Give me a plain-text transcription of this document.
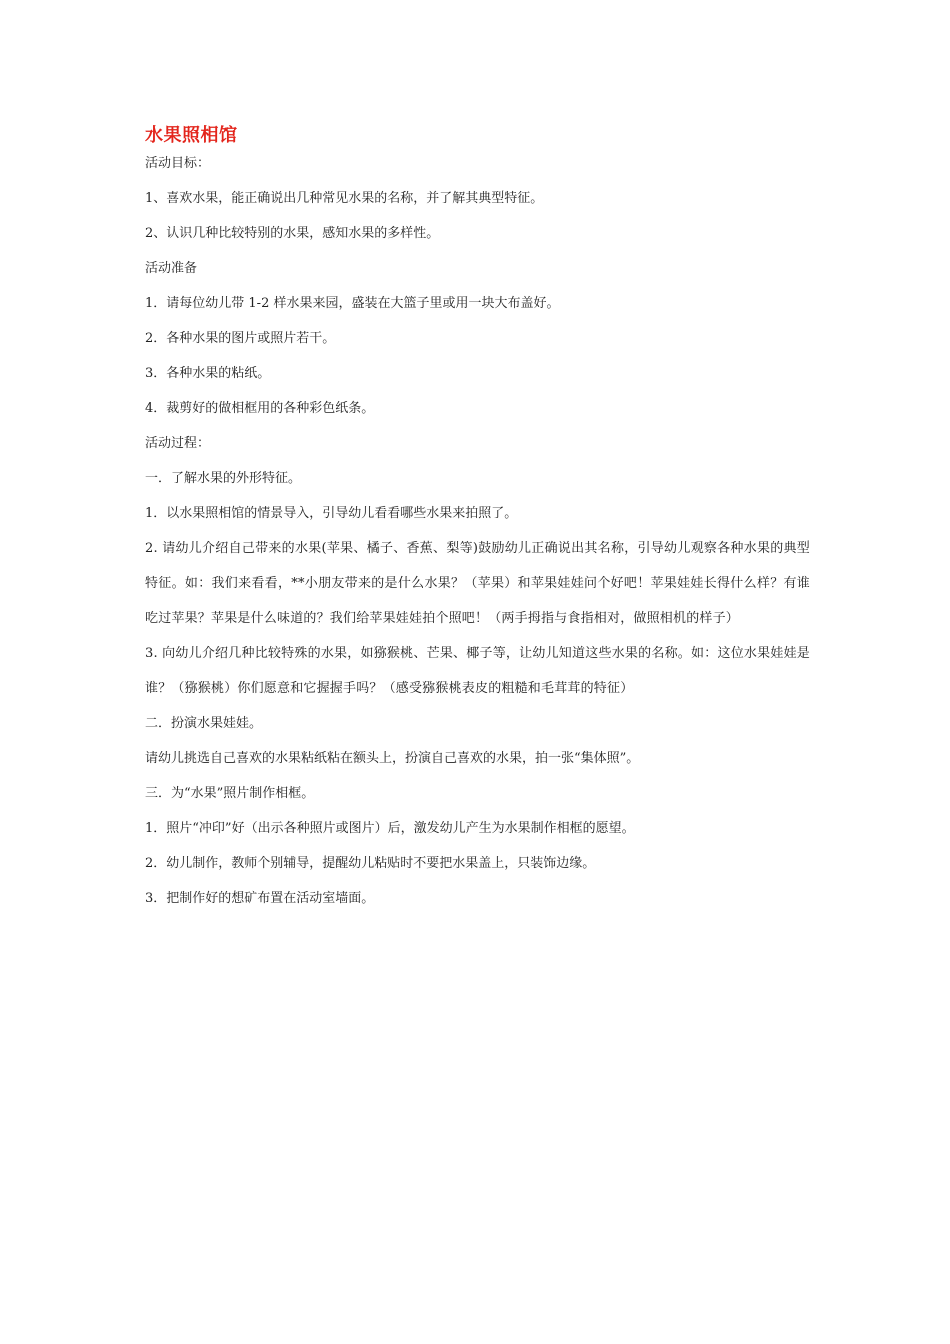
水果照相馆

活动目标：

1、喜欢水果，能正确说出几种常见水果的名称，并了解其典型特征。

2、认识几种比较特别的水果，感知水果的多样性。

活动准备

1．请每位幼儿带 1-2 样水果来园，盛装在大篮子里或用一块大布盖好。

2．各种水果的图片或照片若干。

3．各种水果的粘纸。

4．裁剪好的做相框用的各种彩色纸条。

活动过程：

一．了解水果的外形特征。

1．以水果照相馆的情景导入，引导幼儿看看哪些水果来拍照了。

2. 请幼儿介绍自己带来的水果(苹果、橘子、香蕉、梨等)鼓励幼儿正确说出其名称，引导幼儿观察各种水果的典型特征。如：我们来看看，**小朋友带来的是什么水果？（苹果）和苹果娃娃问个好吧！苹果娃娃长得什么样？有谁吃过苹果？苹果是什么味道的？我们给苹果娃娃拍个照吧！（两手拇指与食指相对，做照相机的样子）

3. 向幼儿介绍几种比较特殊的水果，如猕猴桃、芒果、椰子等，让幼儿知道这些水果的名称。如：这位水果娃娃是谁？（猕猴桃）你们愿意和它握握手吗？（感受猕猴桃表皮的粗糙和毛茸茸的特征）

二．扮演水果娃娃。

请幼儿挑选自己喜欢的水果粘纸粘在额头上，扮演自己喜欢的水果，拍一张“集体照”。

三．为“水果”照片制作相框。

1．照片“冲印”好（出示各种照片或图片）后，激发幼儿产生为水果制作相框的愿望。

2．幼儿制作，教师个别辅导，提醒幼儿粘贴时不要把水果盖上，只装饰边缘。

3．把制作好的想矿布置在活动室墙面。
